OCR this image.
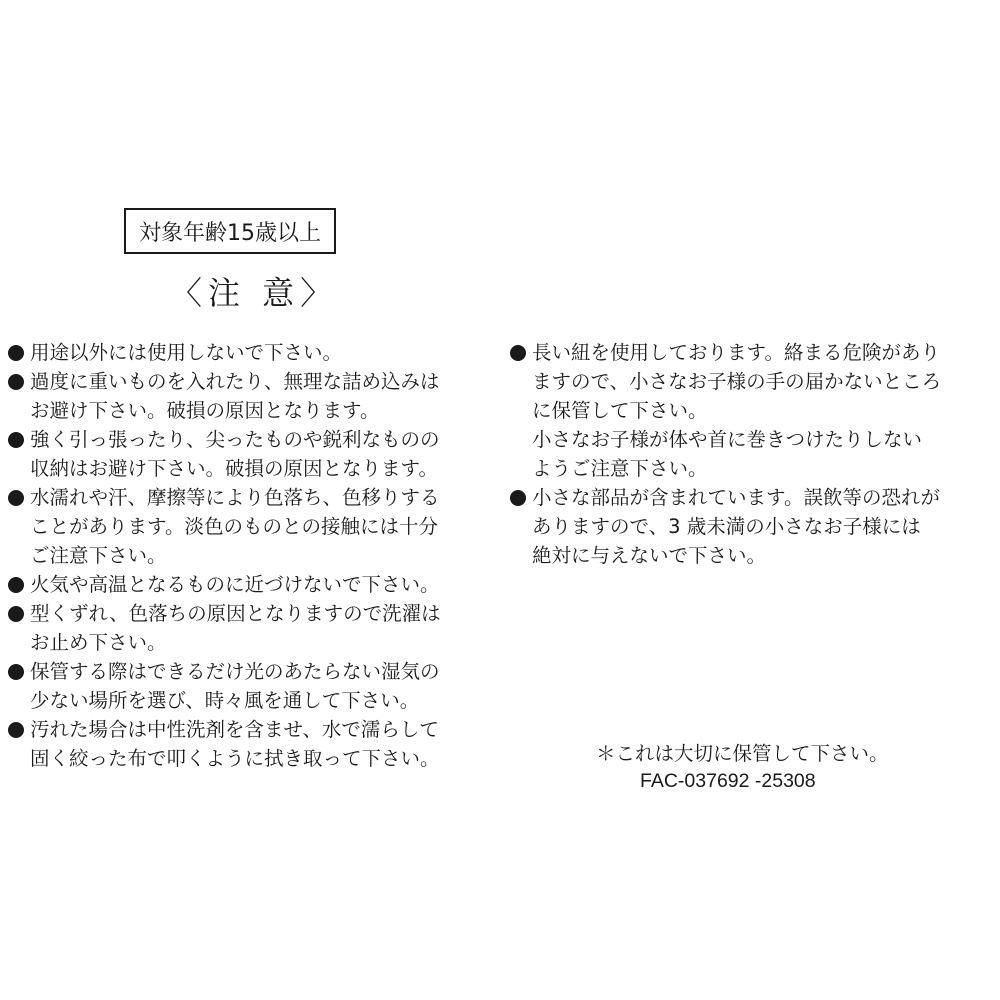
対象年齢15歳以上
〈注 意〉
用途以外には使用しないで下さい。
過度に重いものを入れたり、無理な詰め込みは
お避け下さい。破損の原因となります。
強く引っ張ったり、尖ったものや鋭利なものの
収納はお避け下さい。破損の原因となります。
水濡れや汗、摩擦等により色落ち、色移りする
ことがあります。淡色のものとの接触には十分
ご注意下さい。
火気や高温となるものに近づけないで下さい。
型くずれ、色落ちの原因となりますので洗濯は
お止め下さい。
保管する際はできるだけ光のあたらない湿気の
少ない場所を選び、時々風を通して下さい。
汚れた場合は中性洗剤を含ませ、水で濡らして
固く絞った布で叩くように拭き取って下さい。
長い紐を使用しております。絡まる危険があり
ますので、小さなお子様の手の届かないところ
に保管して下さい。
小さなお子様が体や首に巻きつけたりしない
ようご注意下さい。
小さな部品が含まれています。誤飲等の恐れが
ありますので、3 歳未満の小さなお子様には
絶対に与えないで下さい。
＊これは大切に保管して下さい。
FAC-037692 -25308
